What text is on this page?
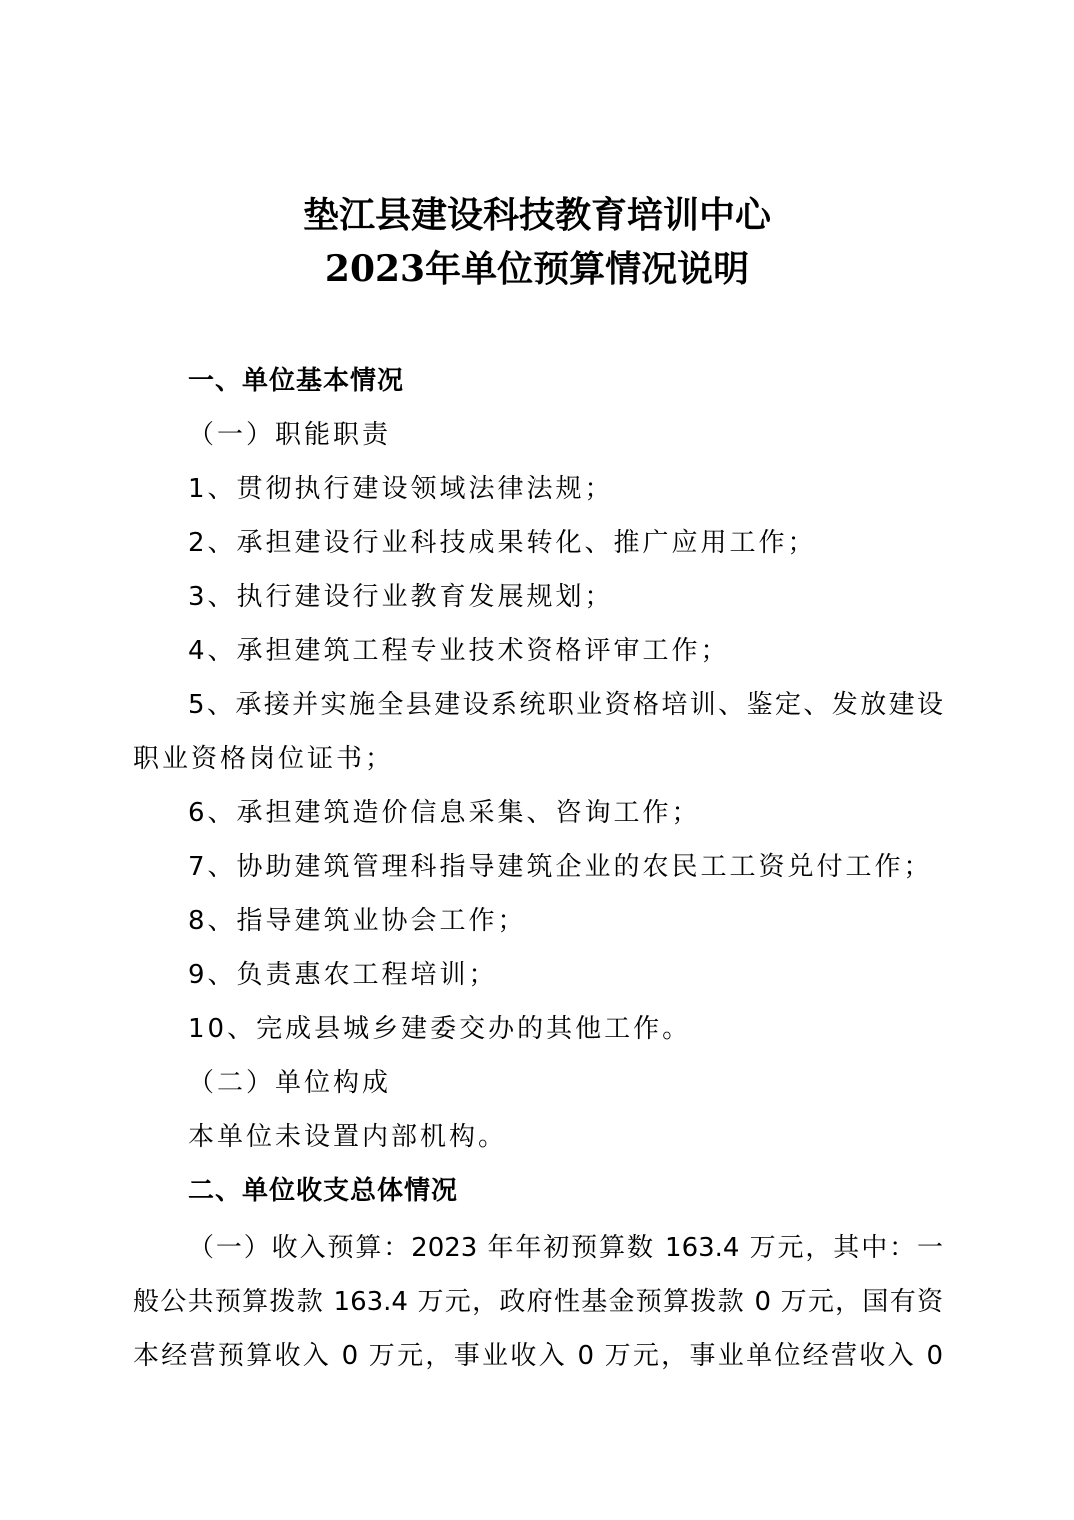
垫江县建设科技教育培训中心
2023年单位预算情况说明
一、单位基本情况
（一）职能职责
1、贯彻执行建设领域法律法规；
2、承担建设行业科技成果转化、推广应用工作；
3、执行建设行业教育发展规划；
4、承担建筑工程专业技术资格评审工作；
5、承接并实施全县建设系统职业资格培训、鉴定、发放建设
职业资格岗位证书；
6、承担建筑造价信息采集、咨询工作；
7、协助建筑管理科指导建筑企业的农民工工资兑付工作；
8、指导建筑业协会工作；
9、负责惠农工程培训；
10、完成县城乡建委交办的其他工作。
（二）单位构成
本单位未设置内部机构。
二、单位收支总体情况
（一）收入预算：2023 年年初预算数 163.4 万元，其中：一
般公共预算拨款 163.4 万元，政府性基金预算拨款 0 万元，国有资
本经营预算收入 0 万元，事业收入 0 万元，事业单位经营收入 0
